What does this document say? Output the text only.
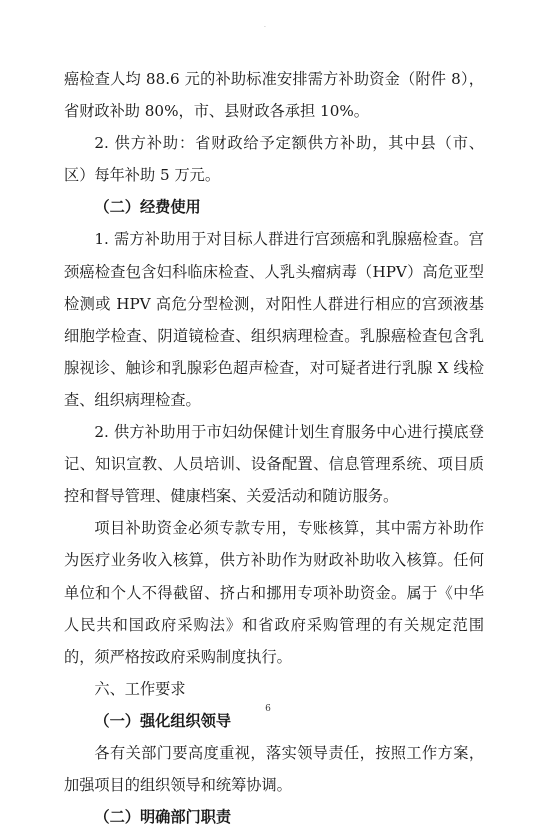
·

癌检查人均 88.6 元的补助标准安排需方补助资金（附件 8），省财政补助 80%，市、县财政各承担 10%。

2. 供方补助：省财政给予定额供方补助，其中县（市、区）每年补助 5 万元。

（二）经费使用

1. 需方补助用于对目标人群进行宫颈癌和乳腺癌检查。宫颈癌检查包含妇科临床检查、人乳头瘤病毒（HPV）高危亚型检测或 HPV 高危分型检测，对阳性人群进行相应的宫颈液基细胞学检查、阴道镜检查、组织病理检查。乳腺癌检查包含乳腺视诊、触诊和乳腺彩色超声检查，对可疑者进行乳腺 X 线检查、组织病理检查。

2. 供方补助用于市妇幼保健计划生育服务中心进行摸底登记、知识宣教、人员培训、设备配置、信息管理系统、项目质控和督导管理、健康档案、关爱活动和随访服务。

项目补助资金必须专款专用，专账核算，其中需方补助作为医疗业务收入核算，供方补助作为财政补助收入核算。任何单位和个人不得截留、挤占和挪用专项补助资金。属于《中华人民共和国政府采购法》和省政府采购管理的有关规定范围的，须严格按政府采购制度执行。

六、工作要求

（一）强化组织领导

各有关部门要高度重视，落实领导责任，按照工作方案，加强项目的组织领导和统筹协调。

（二）明确部门职责

6
